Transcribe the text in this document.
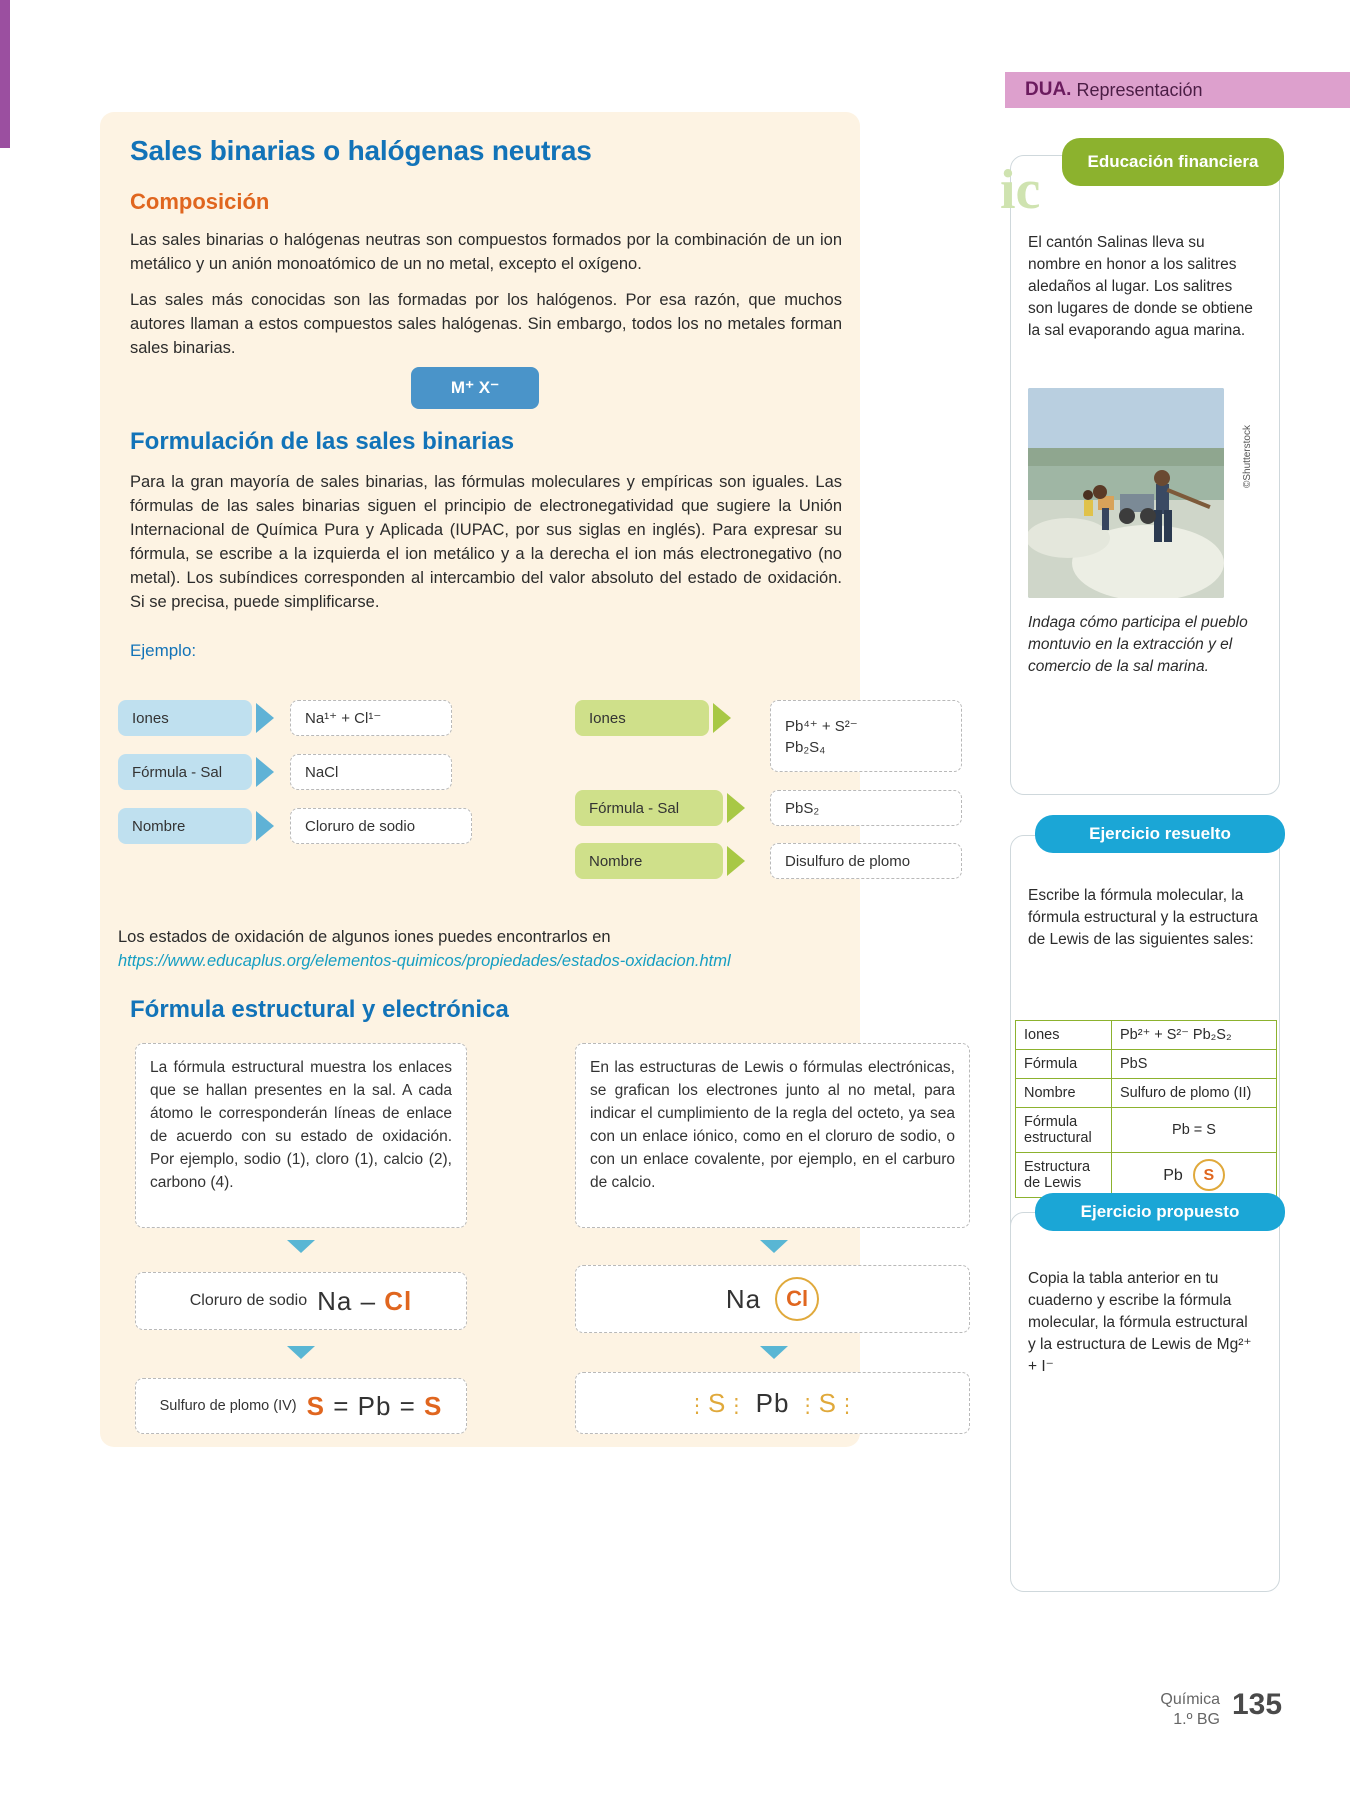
Sales binarias o halógenas neutras
Composición
Las sales binarias o halógenas neutras son compuestos formados por la combinación de un ion metálico y un anión monoatómico de un no metal, excepto el oxígeno.
Las sales más conocidas son las formadas por los halógenos. Por esa razón, que muchos autores llaman a estos compuestos sales halógenas. Sin embargo, todos los no metales forman sales binarias.
M⁺ X⁻
Formulación de las sales binarias
Para la gran mayoría de sales binarias, las fórmulas moleculares y empíricas son iguales. Las fórmulas de las sales binarias siguen el principio de electronegatividad que sugiere la Unión Internacional de Química Pura y Aplicada (IUPAC, por sus siglas en inglés). Para expresar su fórmula, se escribe a la izquierda el ion metálico y a la derecha el ion más electronegativo (no metal). Los subíndices corresponden al intercambio del valor absoluto del estado de oxidación. Si se precisa, puede simplificarse.
Ejemplo:
Iones	Na¹⁺ + Cl¹⁻
Fórmula - Sal	NaCl
Nombre	Cloruro de sodio
Iones	Pb⁴⁺ + S²⁻
Pb₂S₄
Fórmula - Sal	PbS₂
Nombre	Disulfuro de plomo
Los estados de oxidación de algunos iones puedes encontrarlos en
https://www.educaplus.org/elementos-quimicos/propiedades/estados-oxidacion.html
Fórmula estructural y electrónica
La fórmula estructural muestra los enlaces que se hallan presentes en la sal. A cada átomo le corresponderán líneas de enlace de acuerdo con su estado de oxidación. Por ejemplo, sodio (1), cloro (1), calcio (2), carbono (4).
En las estructuras de Lewis o fórmulas electrónicas, se grafican los electrones junto al no metal, para indicar el cumplimiento de la regla del octeto, ya sea con un enlace iónico, como en el cloruro de sodio, o con un enlace covalente, por ejemplo, en el carburo de calcio.
Cloruro de sodio Na – Cl	Na	Cl
Sulfuro de plomo (IV) S = Pb = S	⋮S⋮ Pb ⋮S⋮
DUA. Representación
ic	Educación financiera
El cantón Salinas lleva su nombre en honor a los salitres aledaños al lugar. Los salitres son lugares de donde se obtiene la sal evaporando agua marina.
©Shutterstock
Indaga cómo participa el pueblo montuvio en la extracción y el comercio de la sal marina.
Ejercicio resuelto
Escribe la fórmula molecular, la fórmula estructural y la estructura de Lewis de las siguientes sales:
Iones	Pb²⁺ + S²⁻ Pb₂S₂
Fórmula	PbS
Nombre	Sulfuro de plomo (II)
Fórmula estructural	Pb = S
Estructura de Lewis	Pb S
Ejercicio propuesto
Copia la tabla anterior en tu cuaderno y escribe la fórmula molecular, la fórmula estructural y la estructura de Lewis de Mg²⁺ + I⁻
Química
1.º BG 135
